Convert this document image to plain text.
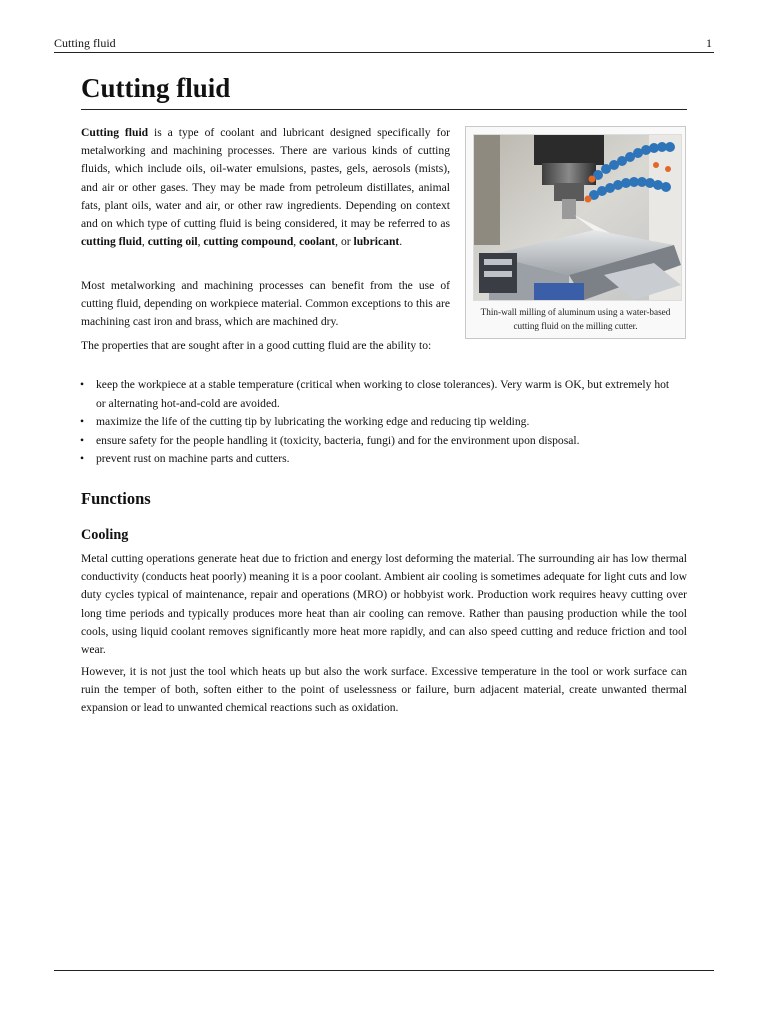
Cutting fluid	1
Cutting fluid

Cutting fluid is a type of coolant and lubricant designed specifically for metalworking and machining processes. There are various kinds of cutting fluids, which include oils, oil-water emulsions, pastes, gels, aerosols (mists), and air or other gases. They may be made from petroleum distillates, animal fats, plant oils, water and air, or other raw ingredients. Depending on context and on which type of cutting fluid is being considered, it may be referred to as cutting fluid, cutting oil, cutting compound, coolant, or lubricant.

Most metalworking and machining processes can benefit from the use of cutting fluid, depending on workpiece material. Common exceptions to this are machining cast iron and brass, which are machined dry.

The properties that are sought after in a good cutting fluid are the ability to:

Thin-wall milling of aluminum using a water-based cutting fluid on the milling cutter.
• keep the workpiece at a stable temperature (critical when working to close tolerances). Very warm is OK, but extremely hot or alternating hot-and-cold are avoided.
• maximize the life of the cutting tip by lubricating the working edge and reducing tip welding.
• ensure safety for the people handling it (toxicity, bacteria, fungi) and for the environment upon disposal.
• prevent rust on machine parts and cutters.
Functions
Cooling

Metal cutting operations generate heat due to friction and energy lost deforming the material. The surrounding air has low thermal conductivity (conducts heat poorly) meaning it is a poor coolant. Ambient air cooling is sometimes adequate for light cuts and low duty cycles typical of maintenance, repair and operations (MRO) or hobbyist work. Production work requires heavy cutting over long time periods and typically produces more heat than air cooling can remove. Rather than pausing production while the tool cools, using liquid coolant removes significantly more heat more rapidly, and can also speed cutting and reduce friction and tool wear.

However, it is not just the tool which heats up but also the work surface. Excessive temperature in the tool or work surface can ruin the temper of both, soften either to the point of uselessness or failure, burn adjacent material, create unwanted thermal expansion or lead to unwanted chemical reactions such as oxidation.
